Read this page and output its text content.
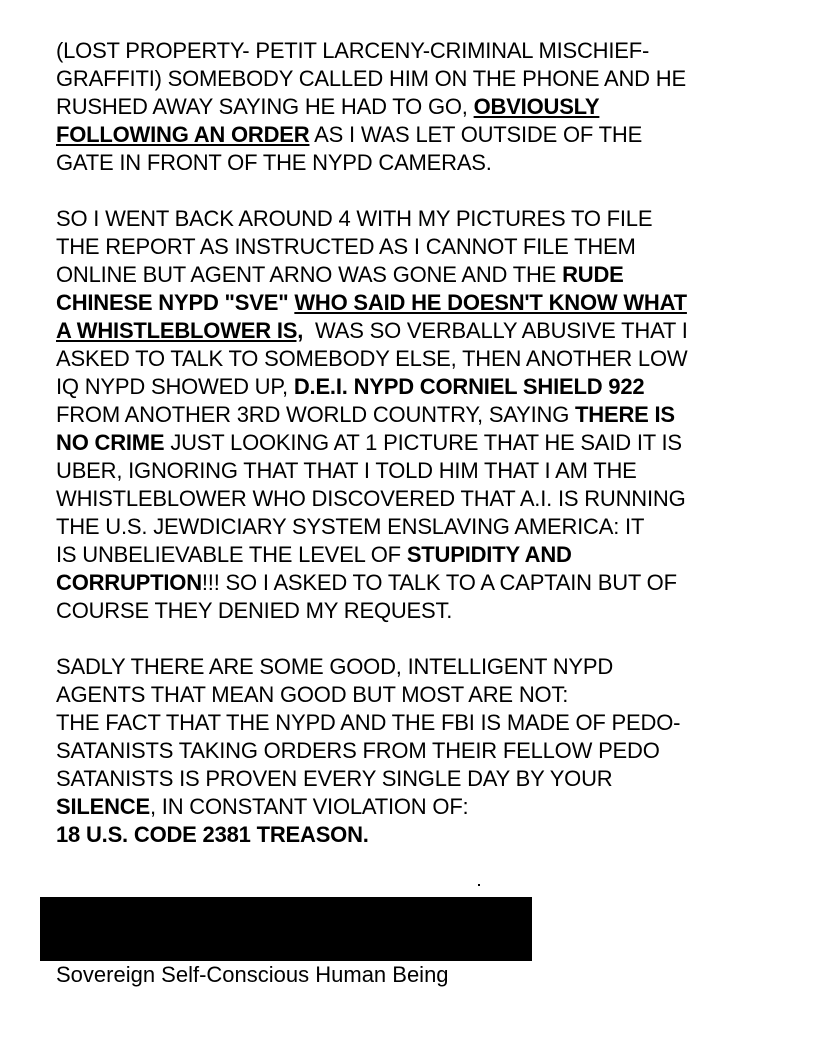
(LOST PROPERTY- PETIT LARCENY-CRIMINAL MISCHIEF-
GRAFFITI) SOMEBODY CALLED HIM ON THE PHONE AND HE
RUSHED AWAY SAYING HE HAD TO GO, OBVIOUSLY
FOLLOWING AN ORDER AS I WAS LET OUTSIDE OF THE
GATE IN FRONT OF THE NYPD CAMERAS.
SO I WENT BACK AROUND 4 WITH MY PICTURES TO FILE
THE REPORT AS INSTRUCTED AS I CANNOT FILE THEM
ONLINE BUT AGENT ARNO WAS GONE AND THE RUDE
CHINESE NYPD "SVE" WHO SAID HE DOESN'T KNOW WHAT
A WHISTLEBLOWER IS,  WAS SO VERBALLY ABUSIVE THAT I
ASKED TO TALK TO SOMEBODY ELSE, THEN ANOTHER LOW
IQ NYPD SHOWED UP, D.E.I. NYPD CORNIEL SHIELD 922
FROM ANOTHER 3RD WORLD COUNTRY, SAYING THERE IS
NO CRIME JUST LOOKING AT 1 PICTURE THAT HE SAID IT IS
UBER, IGNORING THAT THAT I TOLD HIM THAT I AM THE
WHISTLEBLOWER WHO DISCOVERED THAT A.I. IS RUNNING
THE U.S. JEWDICIARY SYSTEM ENSLAVING AMERICA: IT
IS UNBELIEVABLE THE LEVEL OF STUPIDITY AND
CORRUPTION!!! SO I ASKED TO TALK TO A CAPTAIN BUT OF
COURSE THEY DENIED MY REQUEST.
SADLY THERE ARE SOME GOOD, INTELLIGENT NYPD
AGENTS THAT MEAN GOOD BUT MOST ARE NOT:
THE FACT THAT THE NYPD AND THE FBI IS MADE OF PEDO-
SATANISTS TAKING ORDERS FROM THEIR FELLOW PEDO
SATANISTS IS PROVEN EVERY SINGLE DAY BY YOUR
SILENCE, IN CONSTANT VIOLATION OF:
18 U.S. CODE 2381 TREASON.
Sovereign Self-Conscious Human Being
